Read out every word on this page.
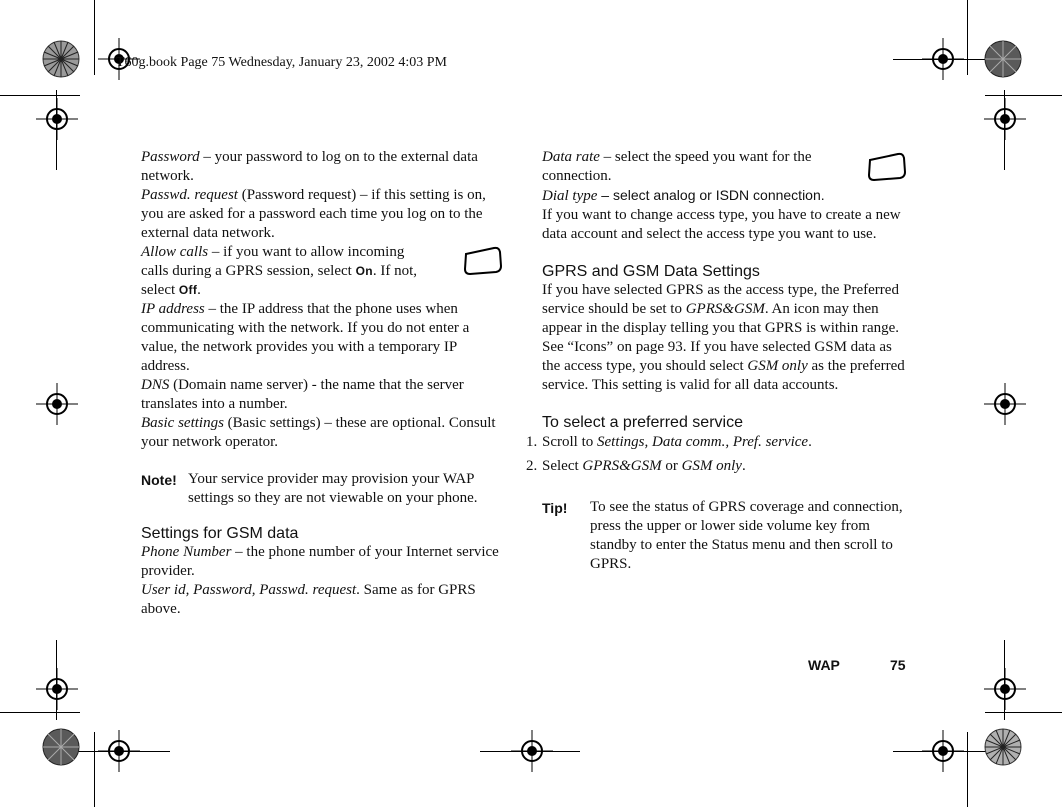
T60g.book Page 75 Wednesday, January 23, 2002 4:03 PM

Password – your password to log on to the external data network.

Passwd. request (Password request) – if this setting is on, you are asked for a password each time you log on to the external data network.

Allow calls – if you want to allow incoming calls during a GPRS session, select On. If not, select Off.

IP address – the IP address that the phone uses when communicating with the network. If you do not enter a value, the network provides you with a temporary IP address.

DNS (Domain name server) - the name that the server translates into a number.

Basic settings (Basic settings) – these are optional. Consult your network operator.

Note! Your service provider may provision your WAP settings so they are not viewable on your phone.
Settings for GSM data

Phone Number – the phone number of your Internet service provider.

User id, Password, Passwd. request. Same as for GPRS above.

Data rate – select the speed you want for the connection.

Dial type – select analog or ISDN connection.

If you want to change access type, you have to create a new data account and select the access type you want to use.

GPRS and GSM Data Settings

If you have selected GPRS as the access type, the Preferred service should be set to GPRS&GSM. An icon may then appear in the display telling you that GPRS is within range. See “Icons” on page 93. If you have selected GSM data as the access type, you should select GSM only as the preferred service. This setting is valid for all data accounts.

To select a preferred service
1. Scroll to Settings, Data comm., Pref. service.
2. Select GPRS&GSM or GSM only.
Tip!	To see the status of GPRS coverage and connection, press the upper or lower side volume key from standby to enter the Status menu and then scroll to GPRS.
WAP	75
